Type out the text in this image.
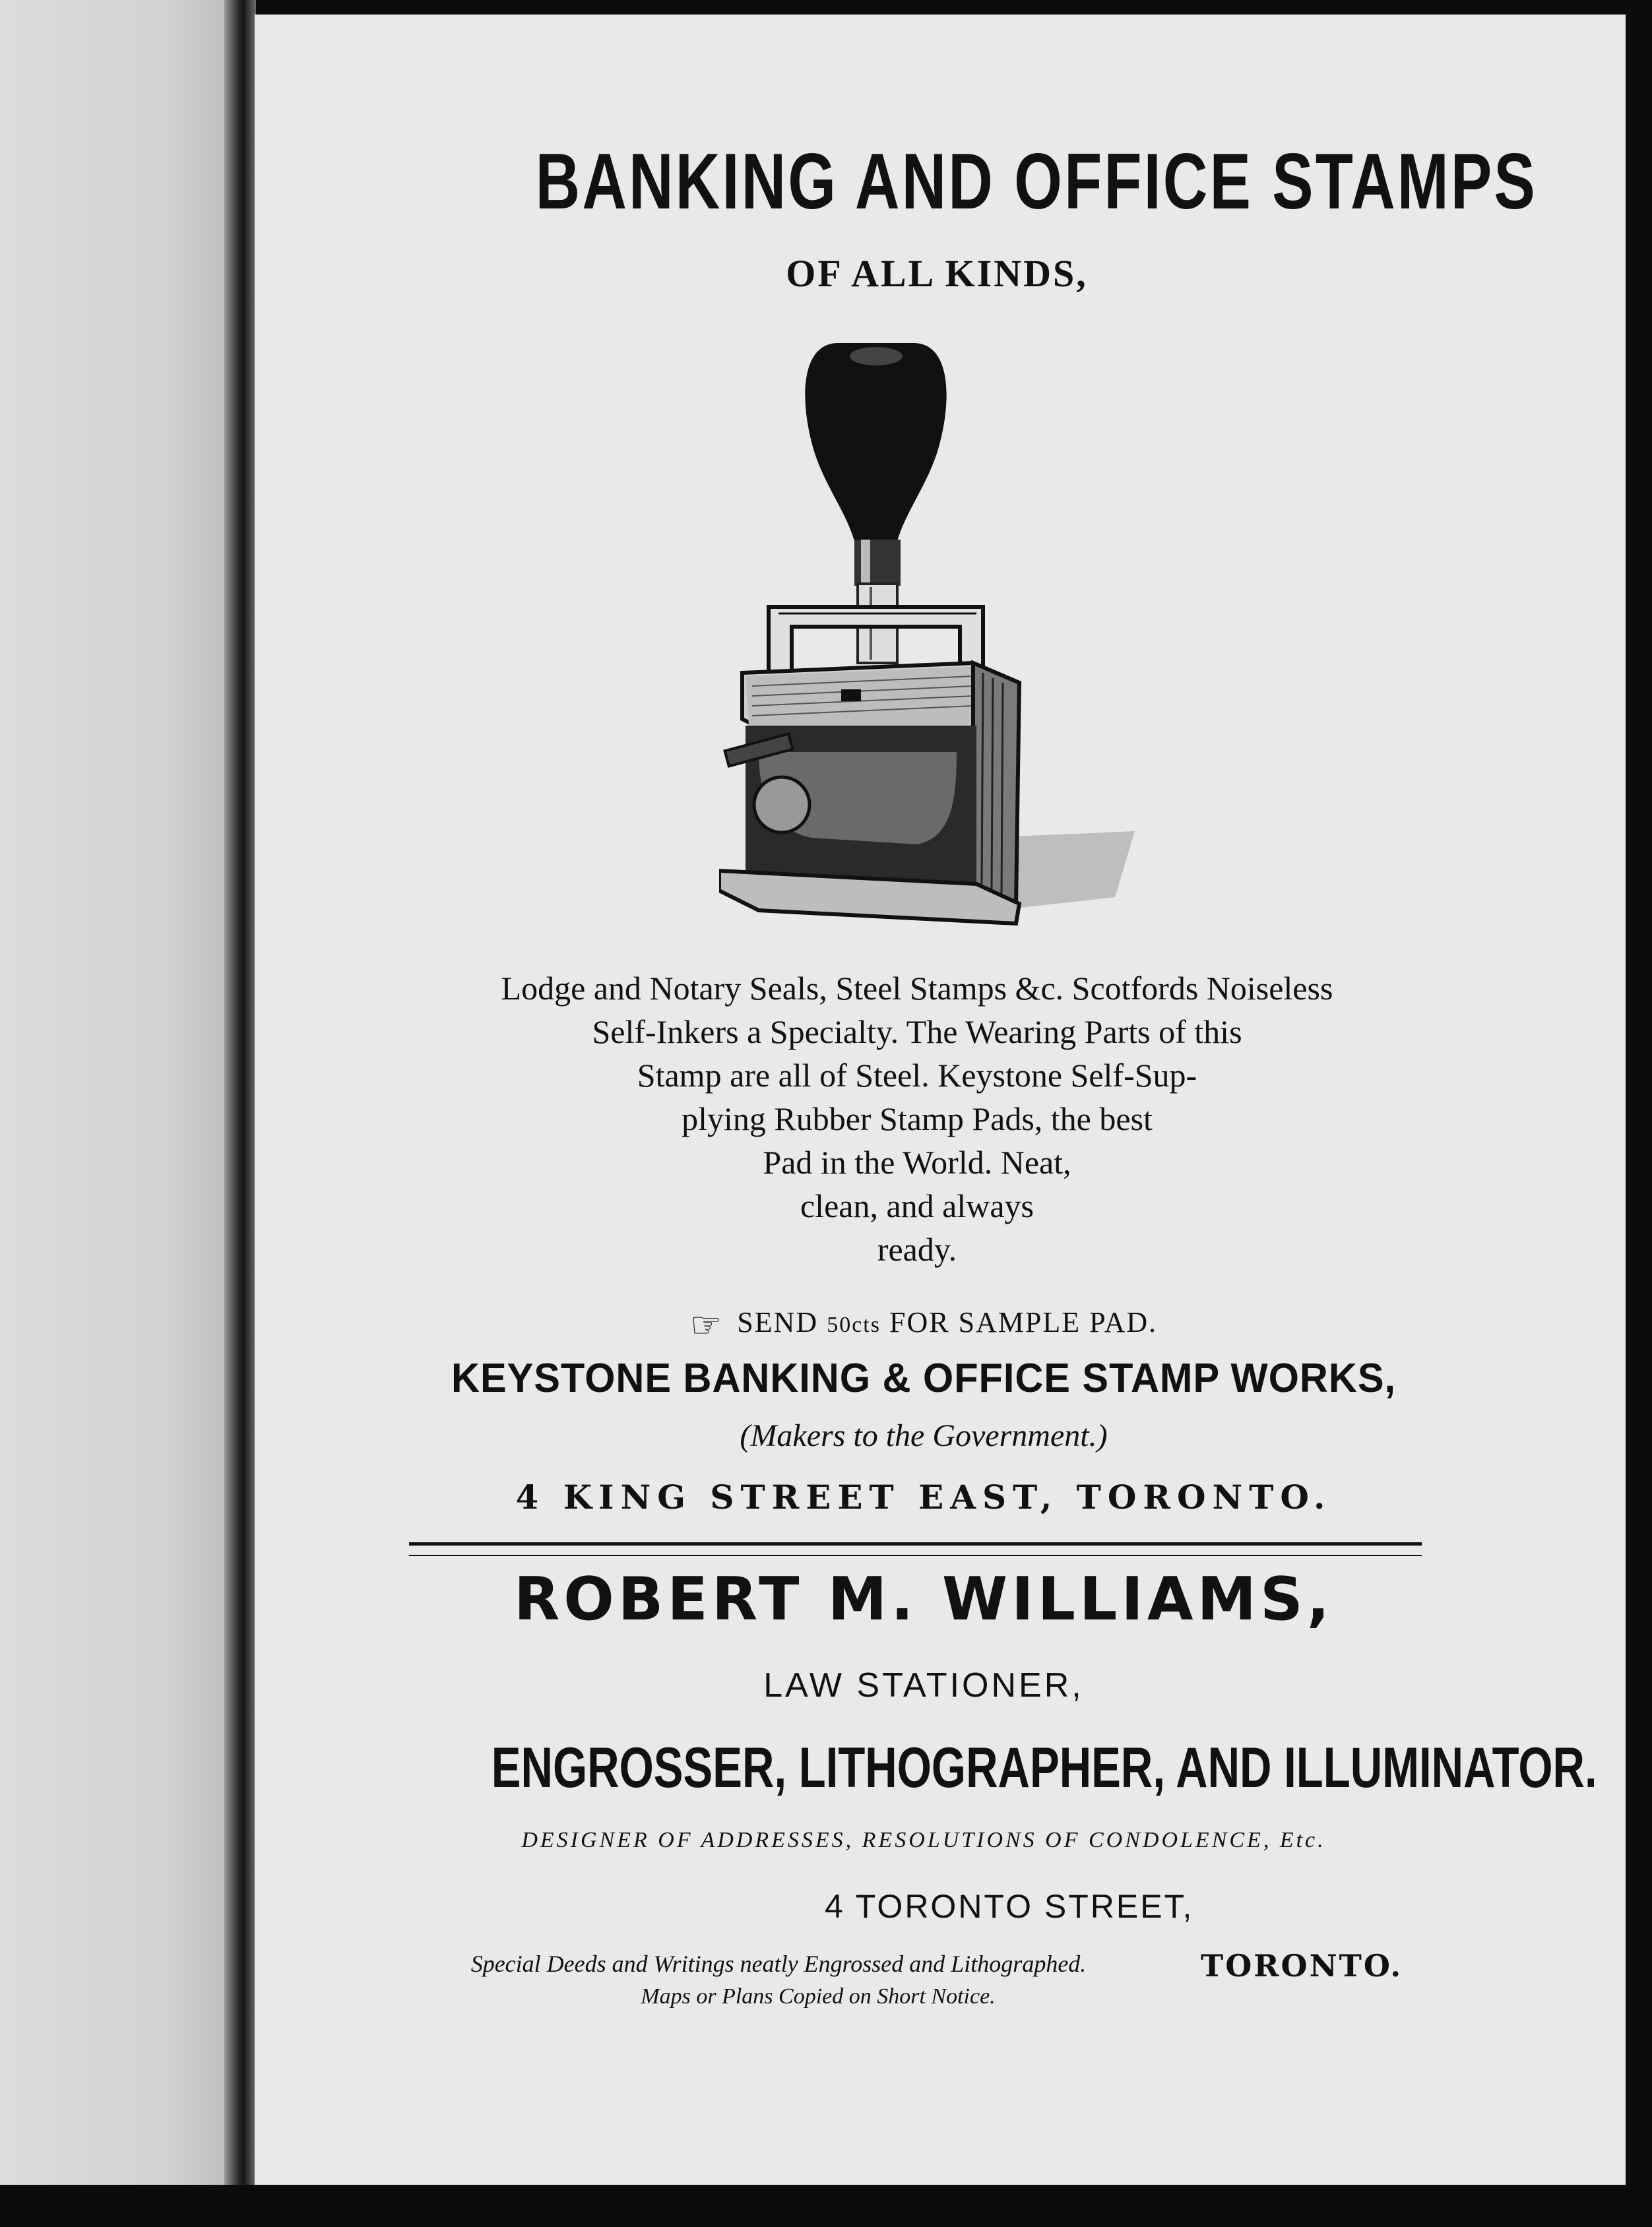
BANKING AND OFFICE STAMPS
OF ALL KINDS,
Lodge and Notary Seals, Steel Stamps &c. Scotfords Noiseless
Self-Inkers a Specialty. The Wearing Parts of this
Stamp are all of Steel. Keystone Self-Sup-
plying Rubber Stamp Pads, the best
Pad in the World. Neat,
clean, and always
ready.
☞ SEND 50cts FOR SAMPLE PAD.
KEYSTONE BANKING & OFFICE STAMP WORKS,
(Makers to the Government.)
4 KING STREET EAST, TORONTO.
ROBERT M. WILLIAMS,
LAW STATIONER,
ENGROSSER, LITHOGRAPHER, AND ILLUMINATOR.
DESIGNER OF ADDRESSES, RESOLUTIONS OF CONDOLENCE, Etc.
4 TORONTO STREET,
Special Deeds and Writings neatly Engrossed and Lithographed.
Maps or Plans Copied on Short Notice.
TORONTO.
